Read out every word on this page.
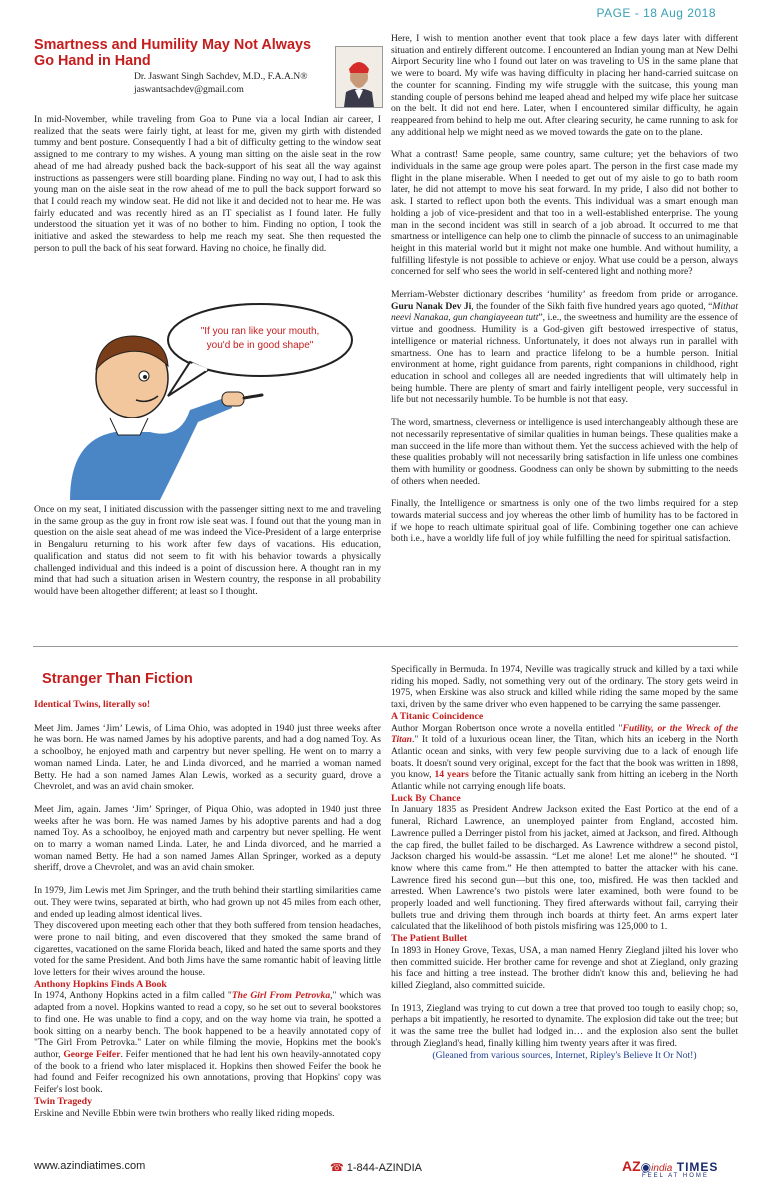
PAGE - 18 Aug 2018
Smartness and Humility May Not Always
Go Hand in Hand
Dr. Jaswant Singh Sachdev, M.D., F.A.A.N®
jaswantsachdev@gmail.com

In mid-November, while traveling from Goa to Pune via a local Indian air career, I realized that the seats were fairly tight, at least for me, given my girth with distended tummy and bent posture. Consequently I had a bit of difficulty getting to the window seat assigned to me contrary to my wishes. A young man sitting on the aisle seat in the row ahead of me had already pushed back the back-support of his seat all the way against instructions as passengers were still boarding plane. Finding no way out, I had to ask this young man on the aisle seat in the row ahead of me to pull the back support forward so that I could reach my window seat. He did not like it and decided not to hear me. He was fairly educated and was recently hired as an IT specialist as I found later. He fully understood the situation yet it was of no bother to him. Finding no option, I took the initiative and asked the stewardess to help me reach my seat. She then requested the person to pull the back of his seat forward. Having no choice, he finally did.

"If you ran like your mouth,
you'd be in good shape"

Once on my seat, I initiated discussion with the passenger sitting next to me and traveling in the same group as the guy in front row isle seat was. I found out that the young man in question on the aisle seat ahead of me was indeed the Vice-President of a large enterprise in Bengaluru returning to his work after few days of vacations. His education, qualification and status did not seem to fit with his behavior towards a physically challenged individual and this indeed is a point of discussion here. A thought ran in my mind that had such a situation arisen in Western country, the response in all probability would have been altogether different; at least so I thought.

Here, I wish to mention another event that took place a few days later with different situation and entirely different outcome. I encountered an Indian young man at New Delhi Airport Security line who I found out later on was traveling to US in the same plane that we were to board. My wife was having difficulty in placing her hand-carried suitcase on the counter for scanning. Finding my wife struggle with the suitcase, this young man standing couple of persons behind me leaped ahead and helped my wife place her suitcase on the belt. It did not end here. Later, when I encountered similar difficulty, he again reappeared from behind to help me out. After clearing security, he came running to ask for any additional help we might need as we moved towards the gate on to the plane.

What a contrast! Same people, same country, same culture; yet the behaviors of two individuals in the same age group were poles apart. The person in the first case made my flight in the plane miserable. When I needed to get out of my aisle to go to bath room later, he did not attempt to move his seat forward. In my pride, I also did not bother to ask. I started to reflect upon both the events. This individual was a smart enough man holding a job of vice-president and that too in a well-established enterprise. The young man in the second incident was still in search of a job abroad. It occurred to me that smartness or intelligence can help one to climb the pinnacle of success to an unimaginable height in this material world but it might not make one humble. And without humility, a fulfilling lifestyle is not possible to achieve or enjoy. What use could be a person, always concerned for self who sees the world in self-centered light and nothing more?

Merriam-Webster dictionary describes ‘humility’ as freedom from pride or arrogance. Guru Nanak Dev Ji, the founder of the Sikh faith five hundred years ago quoted, “Mithat neevi Nanakaa, gun changiayeean tutt”, i.e., the sweetness and humility are the essence of virtue and goodness. Humility is a God-given gift bestowed irrespective of status, intelligence or material richness. Unfortunately, it does not always run in parallel with smartness. One has to learn and practice lifelong to be a humble person. Initial environment at home, right guidance from parents, right companions in childhood, right education in school and colleges all are needed ingredients that will ultimately help in being humble. There are plenty of smart and fairly intelligent people, very successful in life but not necessarily humble. To be humble is not that easy.

The word, smartness, cleverness or intelligence is used interchangeably although these are not necessarily representative of similar qualities in human beings. These qualities make a man succeed in the life more than without them. Yet the success achieved with the help of these qualities probably will not necessarily bring satisfaction in life unless one combines them with humility or goodness. Goodness can only be shown by submitting to the needs of others when needed.

Finally, the Intelligence or smartness is only one of the two limbs required for a step towards material success and joy whereas the other limb of humility has to be factored in if we hope to reach ultimate spiritual goal of life. Combining together one can achieve both i.e., have a worldly life full of joy while fulfilling the need for spiritual satisfaction.

Stranger Than Fiction
Identical Twins, literally so!

Meet Jim. James ‘Jim’ Lewis, of Lima Ohio, was adopted in 1940 just three weeks after he was born. He was named James by his adoptive parents, and had a dog named Toy. As a schoolboy, he enjoyed math and carpentry but never spelling. He went on to marry a woman named Linda. Later, he and Linda divorced, and he married a woman named Betty. He had a son named James Alan Lewis, worked as a security guard, drove a Chevrolet, and was an avid chain smoker.

Meet Jim, again. James ‘Jim’ Springer, of Piqua Ohio, was adopted in 1940 just three weeks after he was born. He was named James by his adoptive parents and had a dog named Toy. As a schoolboy, he enjoyed math and carpentry but never spelling. He went on to marry a woman named Linda. Later, he and Linda divorced, and he married a woman named Betty. He had a son named James Allan Springer, worked as a deputy sheriff, drove a Chevrolet, and was an avid chain smoker.

In 1979, Jim Lewis met Jim Springer, and the truth behind their startling similarities came out. They were twins, separated at birth, who had grown up not 45 miles from each other, and ended up leading almost identical lives.
They discovered upon meeting each other that they both suffered from tension headaches, were prone to nail biting, and even discovered that they smoked the same brand of cigarettes, vacationed on the same Florida beach, liked and hated the same sports and they voted for the same President. And both Jims have the same romantic habit of leaving little love letters for their wives around the house.
Anthony Hopkins Finds A Book
In 1974, Anthony Hopkins acted in a film called "The Girl From Petrovka," which was adapted from a novel. Hopkins wanted to read a copy, so he set out to several bookstores to find one. He was unable to find a copy, and on the way home via train, he spotted a book sitting on a nearby bench. The book happened to be a heavily annotated copy of "The Girl From Petrovka." Later on while filming the movie, Hopkins met the book's author, George Feifer. Feifer mentioned that he had lent his own heavily-annotated copy of the book to a friend who later misplaced it. Hopkins then showed Feifer the book he had found and Feifer recognized his own annotations, proving that Hopkins' copy was Feifer's lost book.
Twin Tragedy
Erskine and Neville Ebbin were twin brothers who really liked riding mopeds.
Specifically in Bermuda. In 1974, Neville was tragically struck and killed by a taxi while riding his moped. Sadly, not something very out of the ordinary. The story gets weird in 1975, when Erskine was also struck and killed while riding the same moped by the same taxi, driven by the same driver who even happened to be carrying the same passenger.
A Titanic Coincidence
Author Morgan Robertson once wrote a novella entitled "Futility, or the Wreck of the Titan." It told of a luxurious ocean liner, the Titan, which hits an iceberg in the North Atlantic ocean and sinks, with very few people surviving due to a lack of enough life boats. It doesn't sound very original, except for the fact that the book was written in 1898, you know, 14 years before the Titanic actually sank from hitting an iceberg in the North Atlantic while not carrying enough life boats.
Luck By Chance
In January 1835 as President Andrew Jackson exited the East Portico at the end of a funeral, Richard Lawrence, an unemployed painter from England, accosted him. Lawrence pulled a Derringer pistol from his jacket, aimed at Jackson, and fired. Although the cap fired, the bullet failed to be discharged. As Lawrence withdrew a second pistol, Jackson charged his would-be assassin. “Let me alone! Let me alone!” he shouted. “I know where this came from.” He then attempted to batter the attacker with his cane. Lawrence fired his second gun—but this one, too, misfired. He was then tackled and arrested. When Lawrence’s two pistols were later examined, both were found to be properly loaded and well functioning. They fired afterwards without fail, carrying their bullets true and driving them through inch boards at thirty feet. An arms expert later calculated that the likelihood of both pistols misfiring was 125,000 to 1.
The Patient Bullet
In 1893 in Honey Grove, Texas, USA, a man named Henry Ziegland jilted his lover who then committed suicide. Her brother came for revenge and shot at Ziegland, only grazing his face and hitting a tree instead. The brother didn't know this and, believing he had killed Ziegland, also committed suicide.
In 1913, Ziegland was trying to cut down a tree that proved too tough to easily chop; so, perhaps a bit impatiently, he resorted to dynamite. The explosion did take out the tree; but it was the same tree the bullet had lodged in… and the explosion also sent the bullet through Ziegland's head, finally killing him twenty years after it was fired.
(Gleaned from various sources, Internet, Ripley's Believe It Or Not!)
www.azindiatimes.com	☎ 1-844-AZINDIA	AZ◉india TIMES
FEEL AT HOME
